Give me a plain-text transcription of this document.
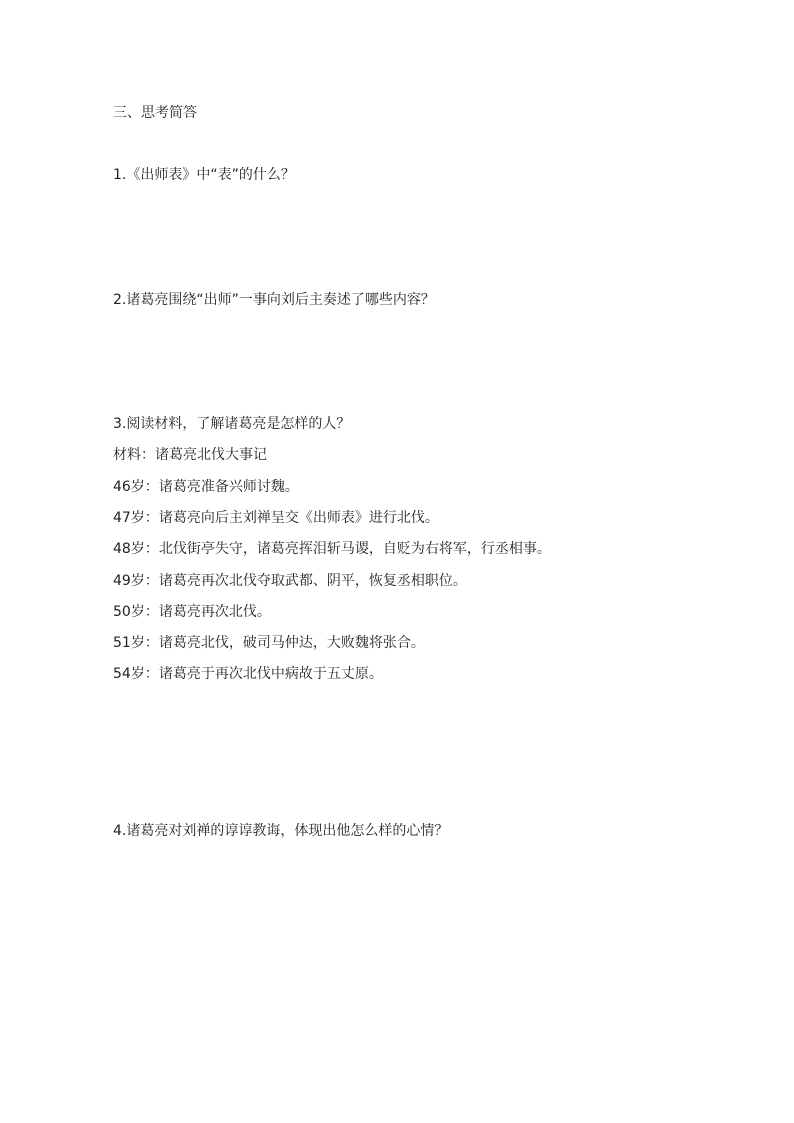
三、思考简答
1.《出师表》中“表”的什么？
2.诸葛亮围绕“出师”一事向刘后主奏述了哪些内容？
3.阅读材料，了解诸葛亮是怎样的人？
材料：诸葛亮北伐大事记
46岁：诸葛亮准备兴师讨魏。
47岁：诸葛亮向后主刘禅呈交《出师表》进行北伐。
48岁：北伐街亭失守，诸葛亮挥泪斩马谡，自贬为右将军，行丞相事。
49岁：诸葛亮再次北伐夺取武都、阴平，恢复丞相职位。
50岁：诸葛亮再次北伐。
51岁：诸葛亮北伐，破司马仲达，大败魏将张合。
54岁：诸葛亮于再次北伐中病故于五丈原。
4.诸葛亮对刘禅的谆谆教诲，体现出他怎么样的心情？
